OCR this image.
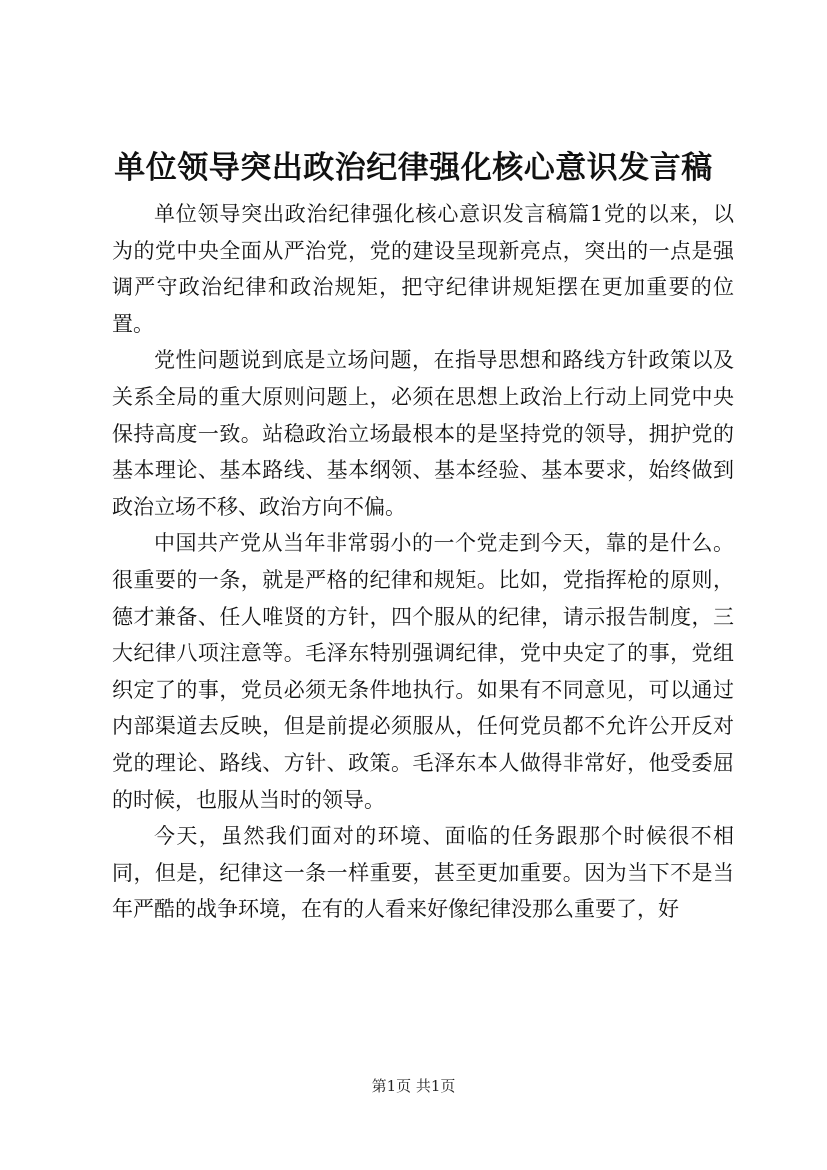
单位领导突出政治纪律强化核心意识发言稿

单位领导突出政治纪律强化核心意识发言稿篇1党的以来，以为的党中央全面从严治党，党的建设呈现新亮点，突出的一点是强调严守政治纪律和政治规矩，把守纪律讲规矩摆在更加重要的位置。

党性问题说到底是立场问题，在指导思想和路线方针政策以及关系全局的重大原则问题上，必须在思想上政治上行动上同党中央保持高度一致。站稳政治立场最根本的是坚持党的领导，拥护党的基本理论、基本路线、基本纲领、基本经验、基本要求，始终做到政治立场不移、政治方向不偏。

中国共产党从当年非常弱小的一个党走到今天，靠的是什么。很重要的一条，就是严格的纪律和规矩。比如，党指挥枪的原则，德才兼备、任人唯贤的方针，四个服从的纪律，请示报告制度，三大纪律八项注意等。毛泽东特别强调纪律，党中央定了的事，党组织定了的事，党员必须无条件地执行。如果有不同意见，可以通过内部渠道去反映，但是前提必须服从，任何党员都不允许公开反对党的理论、路线、方针、政策。毛泽东本人做得非常好，他受委屈的时候，也服从当时的领导。

今天，虽然我们面对的环境、面临的任务跟那个时候很不相同，但是，纪律这一条一样重要，甚至更加重要。因为当下不是当年严酷的战争环境，在有的人看来好像纪律没那么重要了，好

第1页 共1页
